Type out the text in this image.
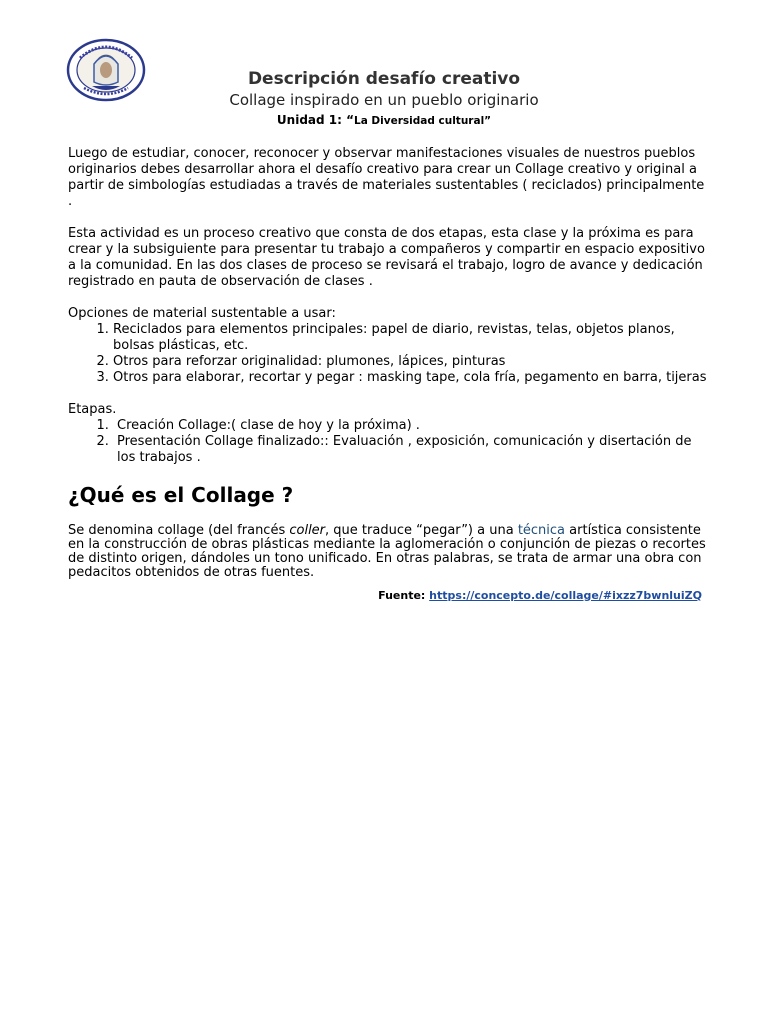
Descripción desafío creativo

Collage inspirado en un pueblo originario

Unidad 1: “La Diversidad cultural”

Luego de estudiar, conocer, reconocer y observar manifestaciones visuales de nuestros pueblos originarios debes desarrollar ahora el desafío creativo para crear un Collage creativo y original a partir de simbologías estudiadas a través de materiales sustentables ( reciclados) principalmente .

Esta actividad es un proceso creativo que consta de dos etapas, esta clase y la próxima es para crear y la subsiguiente para presentar tu trabajo a compañeros y compartir en espacio expositivo a la comunidad. En las dos clases de proceso se revisará el trabajo, logro de avance y dedicación registrado en pauta de observación de clases .

Opciones de material sustentable a usar:

1. Reciclados para elementos principales: papel de diario, revistas, telas, objetos planos, bolsas plásticas, etc.
2. Otros para reforzar originalidad: plumones, lápices, pinturas
3. Otros para elaborar, recortar y pegar : masking tape, cola fría, pegamento en barra, tijeras

Etapas.

1. Creación Collage:( clase de hoy y la próxima) .
2. Presentación Collage finalizado:: Evaluación , exposición, comunicación y disertación de los trabajos .
¿Qué es el Collage ?

Se denomina collage (del francés coller, que traduce “pegar”) a una técnica artística consistente en la construcción de obras plásticas mediante la aglomeración o conjunción de piezas o recortes de distinto origen, dándoles un tono unificado. En otras palabras, se trata de armar una obra con pedacitos obtenidos de otras fuentes.

Fuente: https://concepto.de/collage/#ixzz7bwnluiZQ
